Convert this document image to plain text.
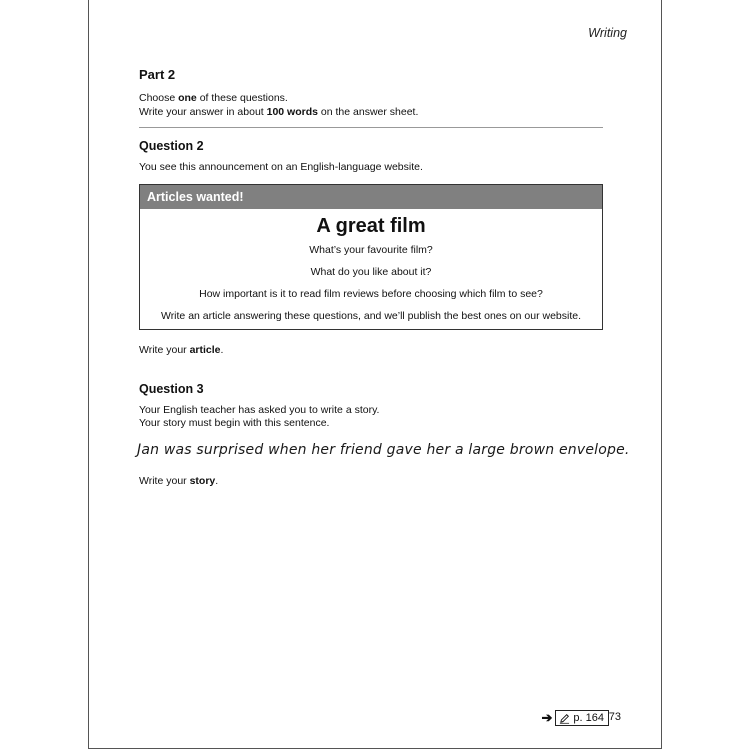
Writing
Part 2
Choose one of these questions.
Write your answer in about 100 words on the answer sheet.
Question 2
You see this announcement on an English-language website.
Articles wanted!
A great film
What’s your favourite film?
What do you like about it?
How important is it to read film reviews before choosing which film to see?
Write an article answering these questions, and we’ll publish the best ones on our website.
Write your article.
Question 3
Your English teacher has asked you to write a story.
Your story must begin with this sentence.
Jan was surprised when her friend gave her a large brown envelope.
Write your story.
➔ p. 164 73
